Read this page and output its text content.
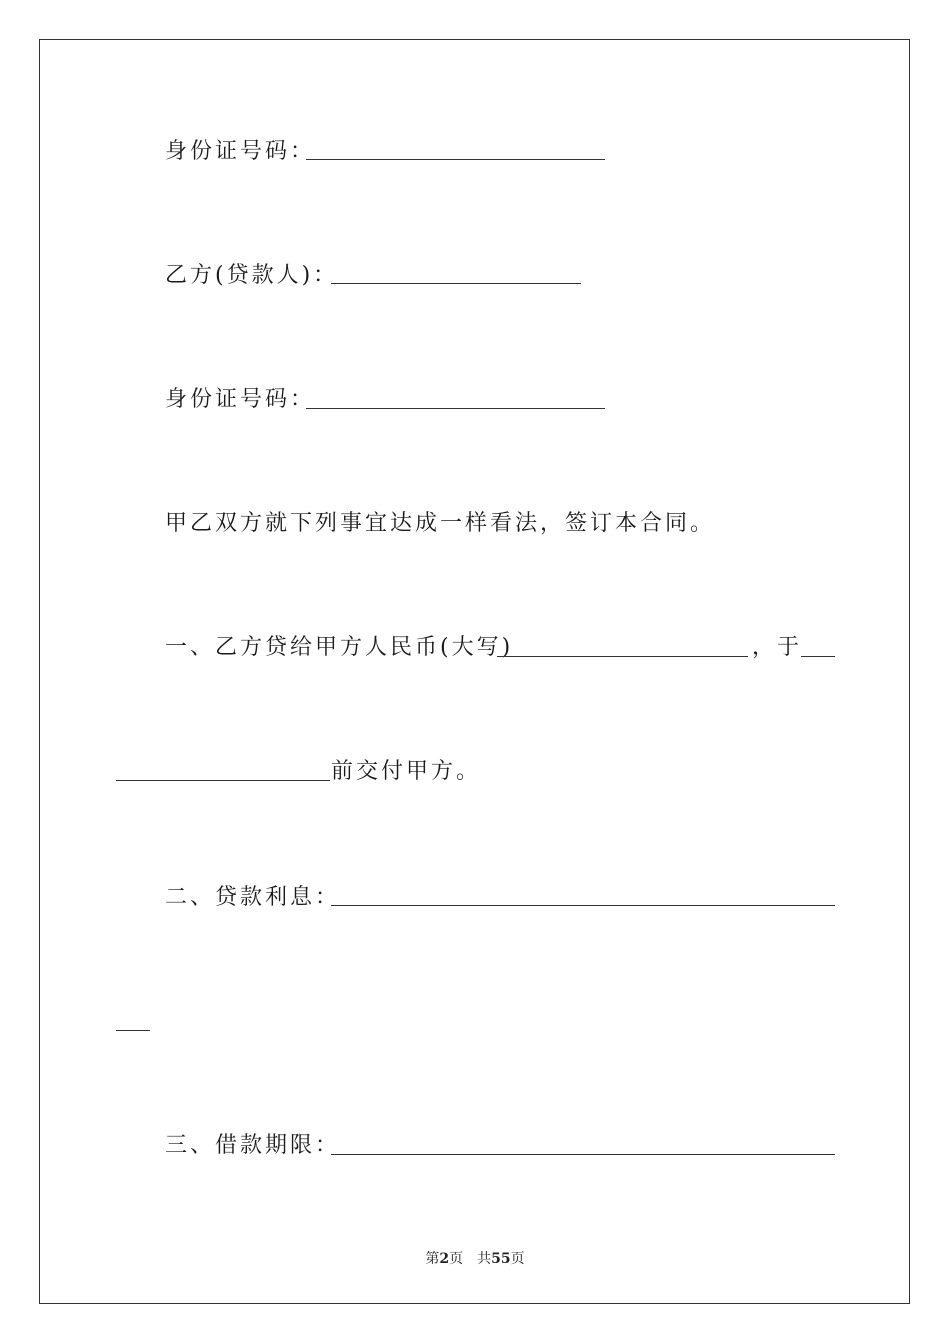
身份证号码：
乙方(贷款人)：
身份证号码：
甲乙双方就下列事宜达成一样看法，签订本合同。
一、乙方贷给甲方人民币(大写)	，于
前交付甲方。
二、贷款利息：
三、借款期限：
第2页　共55页
